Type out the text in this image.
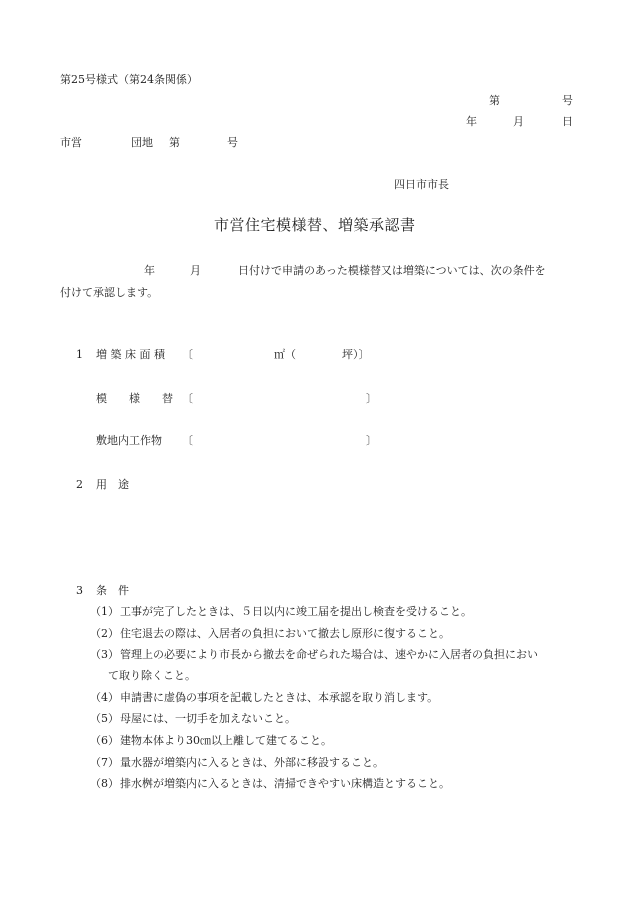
第25号様式（第24条関係）
第	号
年	月	日
市営	団地 第	号
四日市市長
市営住宅模様替、増築承認書
年	月	日付けで申請のあった模様替又は増築については、次の条件を
付けて承認します。
1 増 築 床 面 積 〔	㎡（	坪）〕
模　　様　　替 〔	〕
敷地内工作物 〔	〕
2 用　途
3 条　件
（1）工事が完了したときは、５日以内に竣工届を提出し検査を受けること。
（2）住宅退去の際は、入居者の負担において撤去し原形に復すること。
（3）管理上の必要により市長から撤去を命ぜられた場合は、速やかに入居者の負担におい
て取り除くこと。
（4）申請書に虚偽の事項を記載したときは、本承認を取り消します。
（5）母屋には、一切手を加えないこと。
（6）建物本体より30㎝以上離して建てること。
（7）量水器が増築内に入るときは、外部に移設すること。
（8）排水桝が増築内に入るときは、清掃できやすい床構造とすること。
